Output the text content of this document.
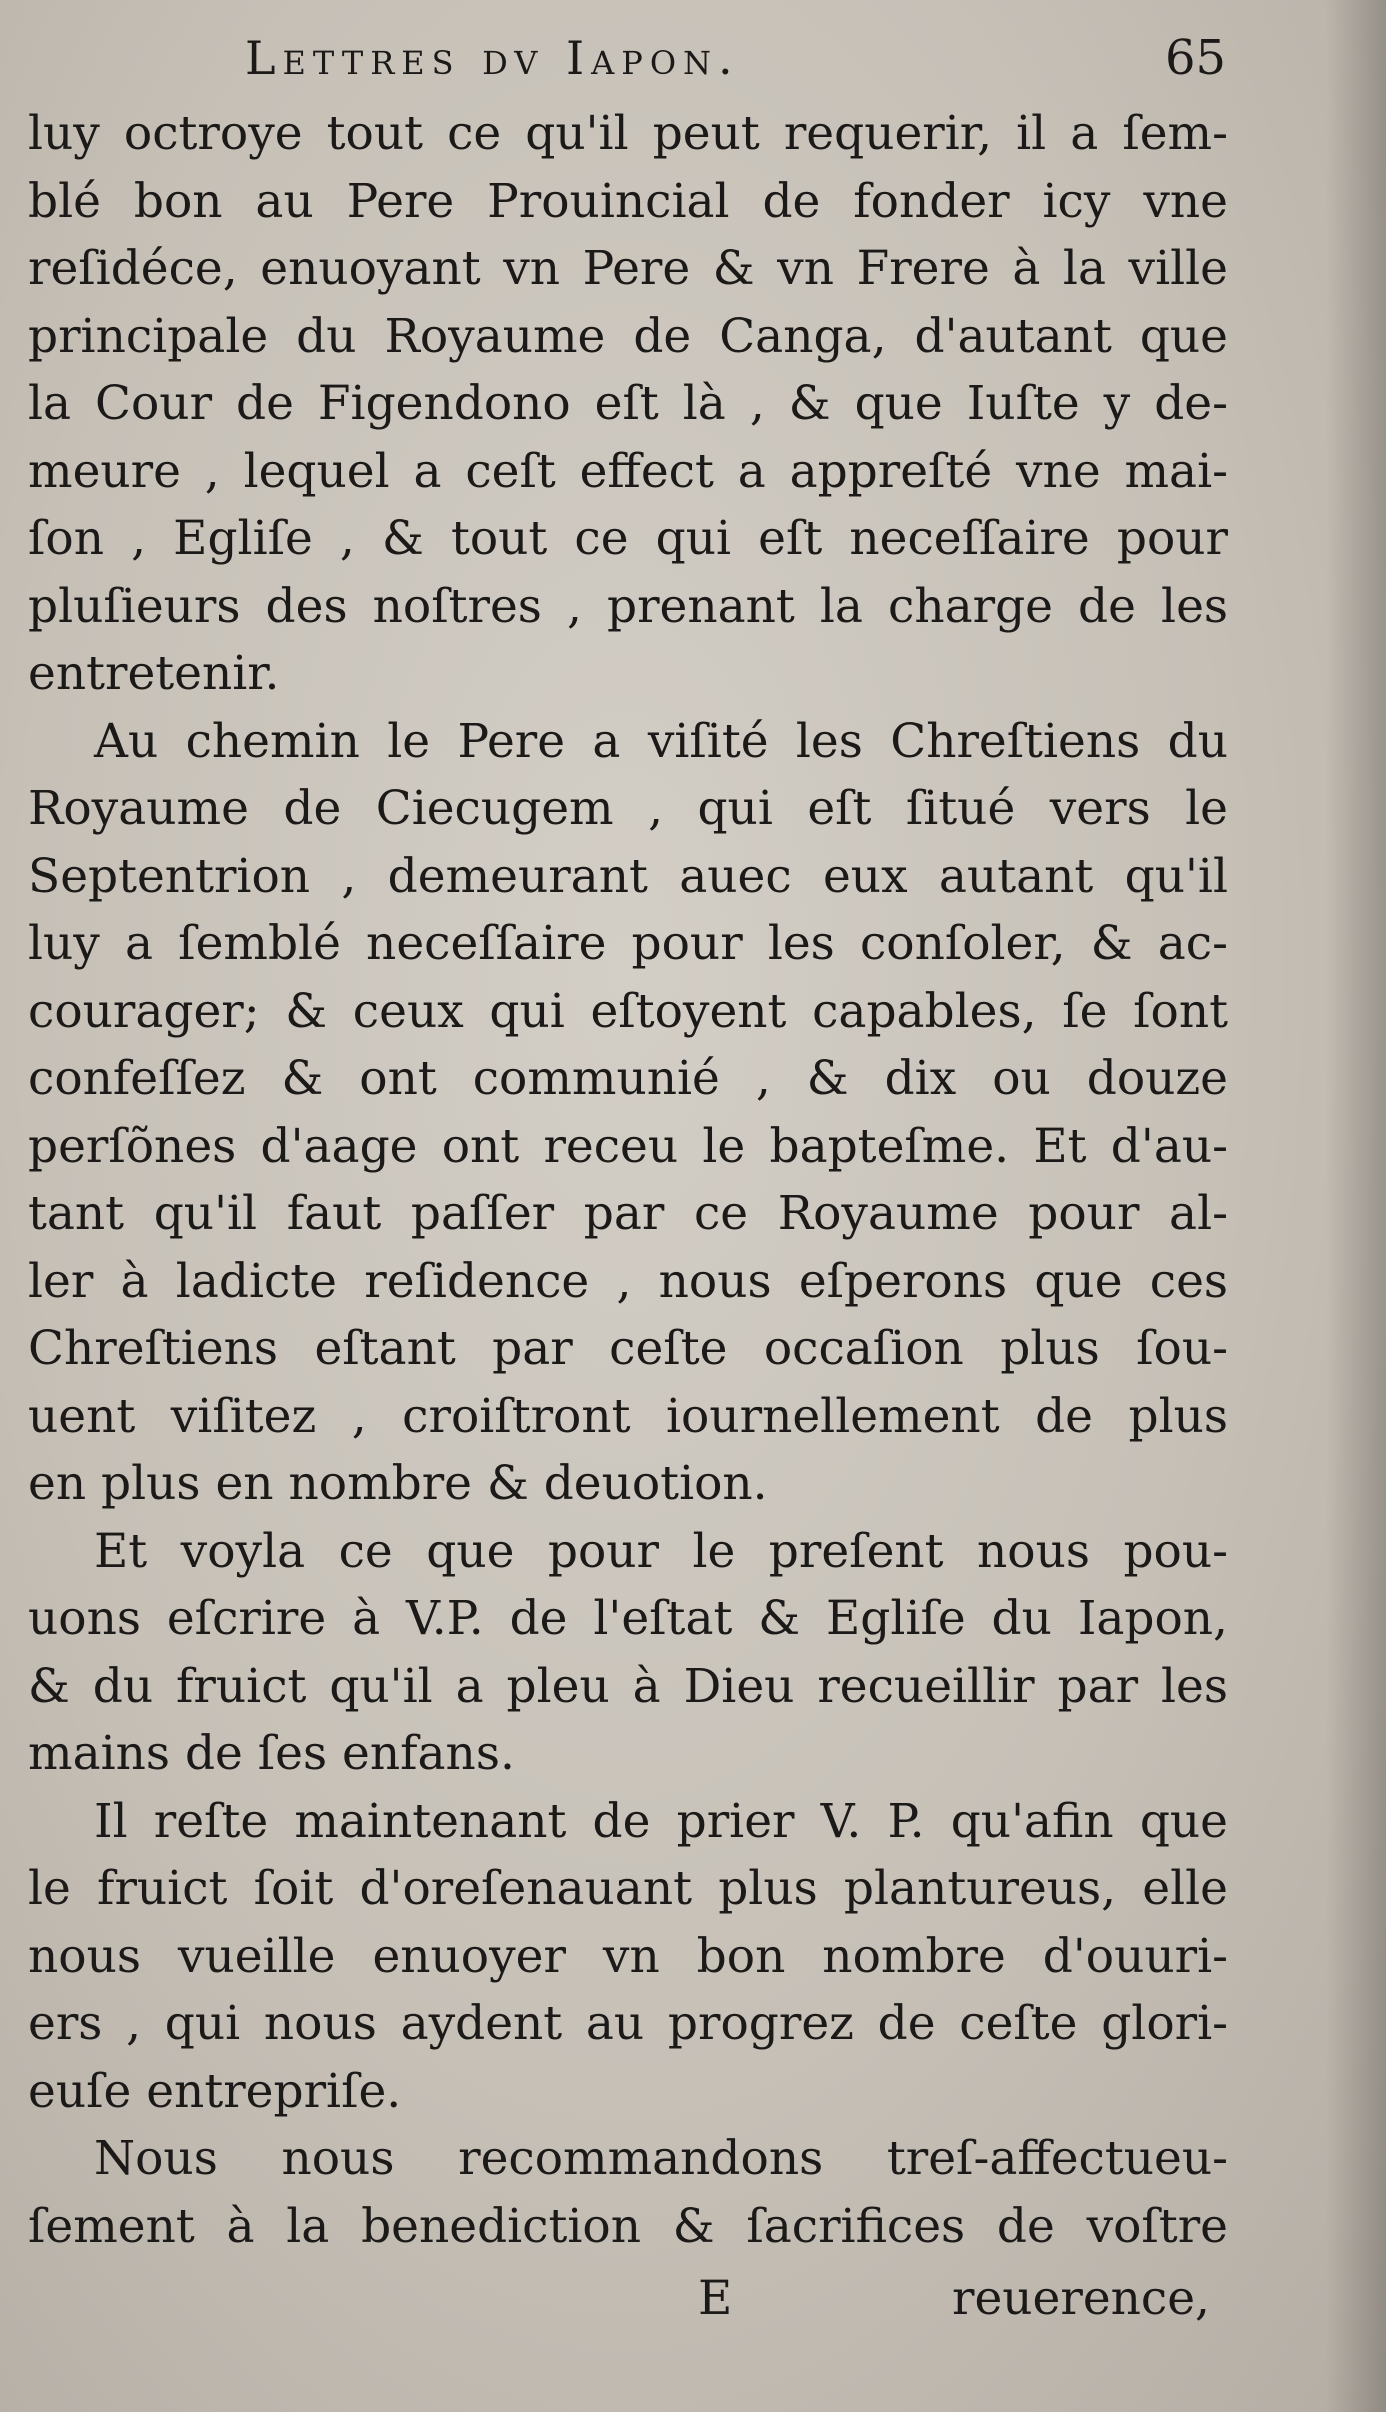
Lettres dv Iapon.	65
luy octroye tout ce qu'il peut requerir, il a ſem-
blé bon au Pere Prouincial de fonder icy vne
reſidéce, enuoyant vn Pere & vn Frere à la ville
principale du Royaume de Canga, d'autant que
la Cour de Figendono eſt là , & que Iuſte y de-
meure , lequel a ceſt effect a appreſté vne mai-
ſon , Egliſe , & tout ce qui eſt neceſſaire pour
pluſieurs des noſtres , prenant la charge de les
entretenir.
Au chemin le Pere a viſité les Chreſtiens du
Royaume de Ciecugem , qui eſt ſitué vers le
Septentrion , demeurant auec eux autant qu'il
luy a ſemblé neceſſaire pour les conſoler, & ac-
courager; & ceux qui eſtoyent capables, ſe ſont
confeſſez & ont communié , & dix ou douze
perſõnes d'aage ont receu le bapteſme. Et d'au-
tant qu'il faut paſſer par ce Royaume pour al-
ler à ladicte reſidence , nous eſperons que ces
Chreſtiens eſtant par ceſte occaſion plus ſou-
uent viſitez , croiſtront iournellement de plus
en plus en nombre & deuotion.
Et voyla ce que pour le preſent nous pou-
uons eſcrire à V.P. de l'eſtat & Egliſe du Iapon,
& du fruict qu'il a pleu à Dieu recueillir par les
mains de ſes enfans.
Il reſte maintenant de prier V. P. qu'afin que
le fruict ſoit d'oreſenauant plus plantureus, elle
nous vueille enuoyer vn bon nombre d'ouuri-
ers , qui nous aydent au progrez de ceſte glori-
euſe entrepriſe.
Nous nous recommandons treſ-affectueu-
ſement à la benediction & ſacrifices de voſtre
E	reuerence,
